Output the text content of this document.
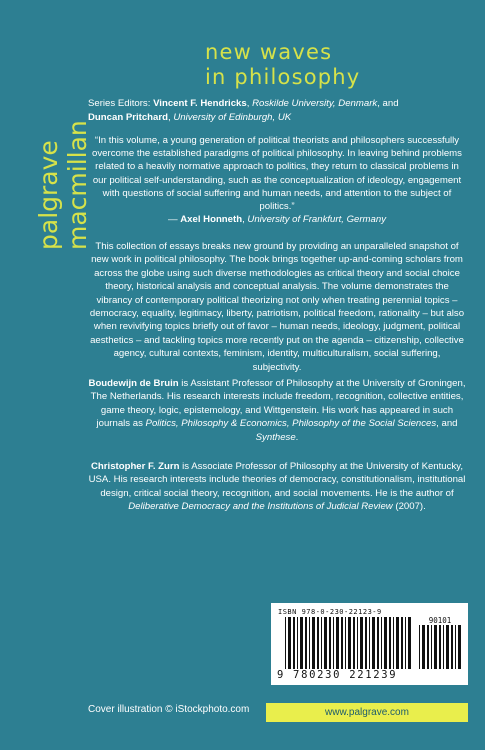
new waves
in philosophy
palgrave macmillan
Series Editors: Vincent F. Hendricks, Roskilde University, Denmark, and
Duncan Pritchard, University of Edinburgh, UK
“In this volume, a young generation of political theorists and philosophers successfully overcome the established paradigms of political philosophy. In leaving behind problems related to a heavily normative approach to politics, they return to classical problems in our political self-understanding, such as the conceptualization of ideology, engagement with questions of social suffering and human needs, and attention to the subject of politics.”
— Axel Honneth, University of Frankfurt, Germany
This collection of essays breaks new ground by providing an unparalleled snapshot of new work in political philosophy. The book brings together up-and-coming scholars from across the globe using such diverse methodologies as critical theory and social choice theory, historical analysis and conceptual analysis. The volume demonstrates the vibrancy of contemporary political theorizing not only when treating perennial topics – democracy, equality, legitimacy, liberty, patriotism, political freedom, rationality – but also when revivifying topics briefly out of favor – human needs, ideology, judgment, political aesthetics – and tackling topics more recently put on the agenda – citizenship, collective agency, cultural contexts, feminism, identity, multiculturalism, social suffering, subjectivity.
Boudewijn de Bruin is Assistant Professor of Philosophy at the University of Groningen, The Netherlands. His research interests include freedom, recognition, collective entities, game theory, logic, epistemology, and Wittgenstein. His work has appeared in such journals as Politics, Philosophy & Economics, Philosophy of the Social Sciences, and Synthese.
Christopher F. Zurn is Associate Professor of Philosophy at the University of Kentucky, USA. His research interests include theories of democracy, constitutionalism, institutional design, critical social theory, recognition, and social movements. He is the author of Deliberative Democracy and the Institutions of Judicial Review (2007).
ISBN 978-0-230-22123-9
90101
9 780230 221239
Cover illustration © iStockphoto.com	www.palgrave.com
